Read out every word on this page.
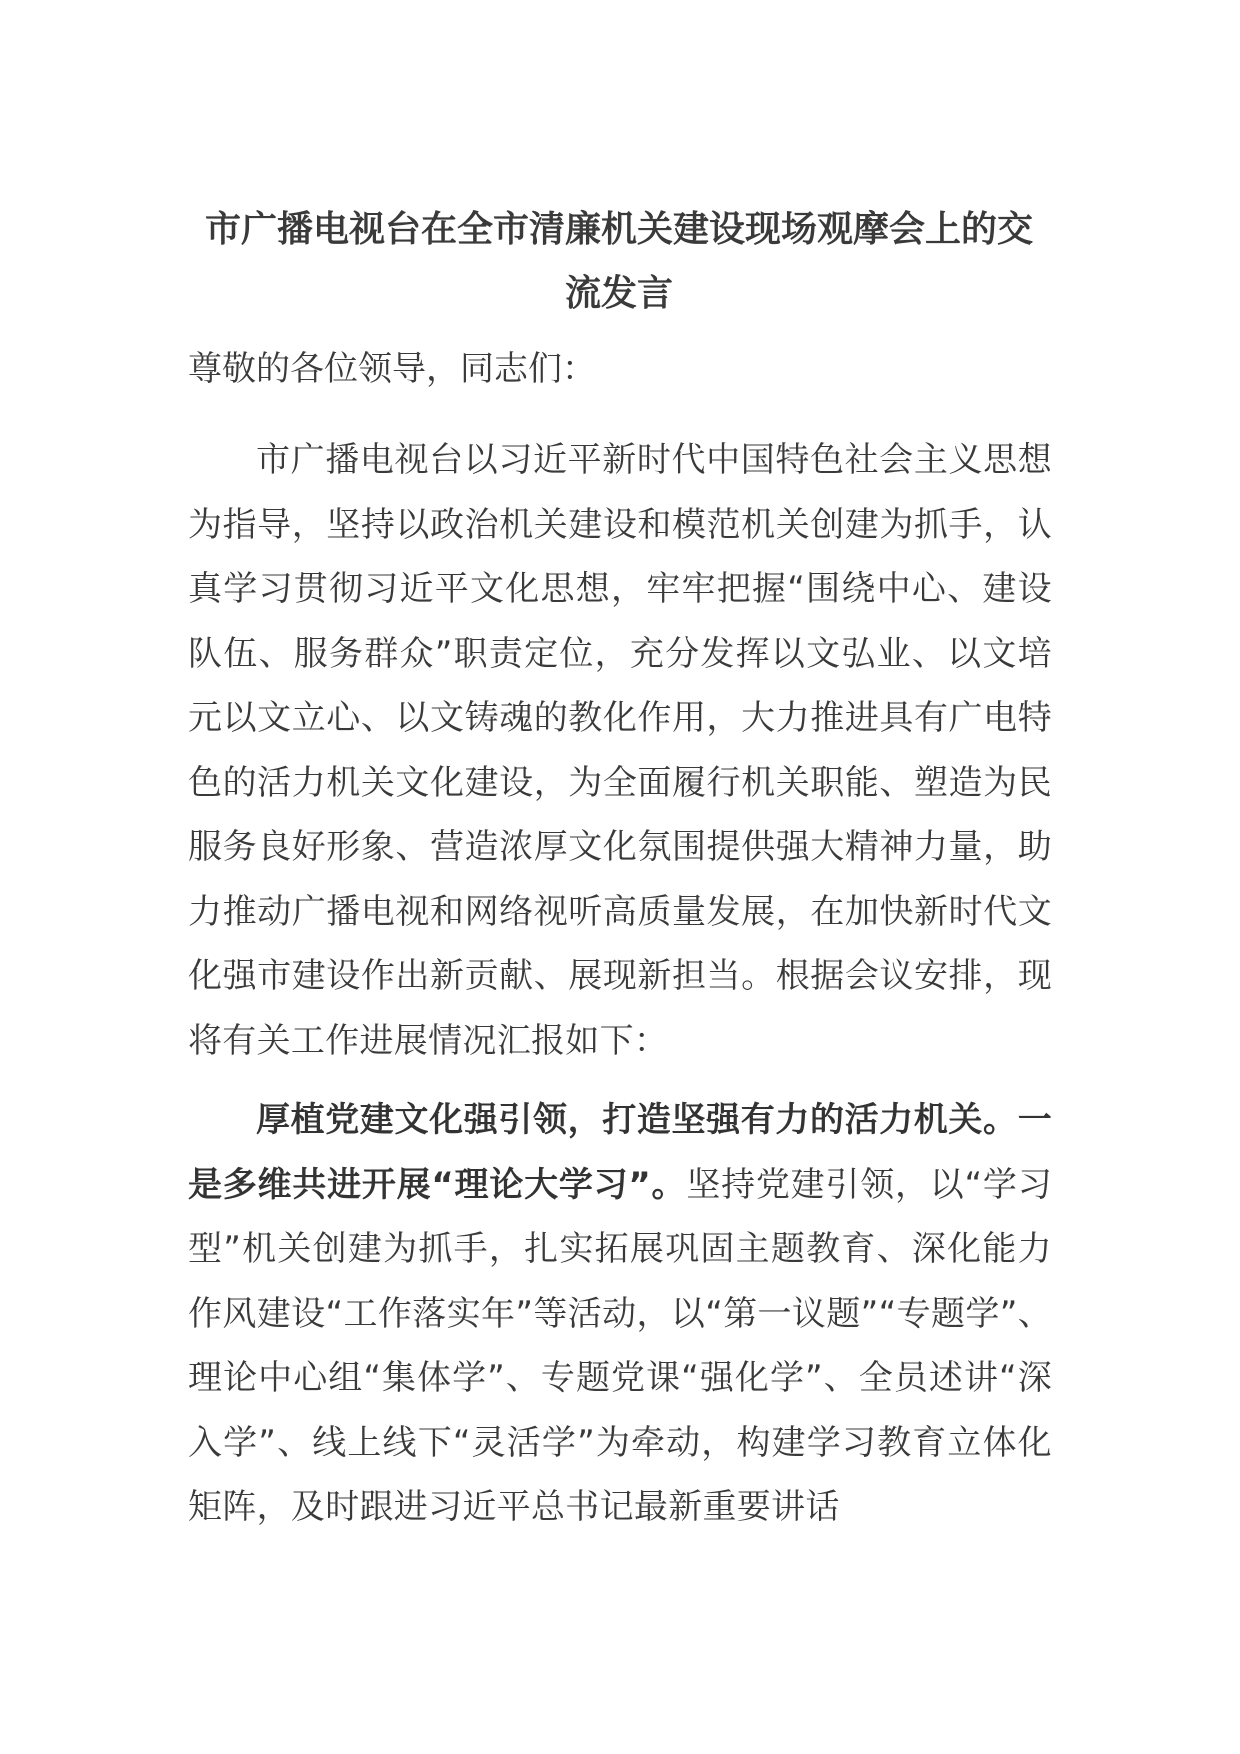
市广播电视台在全市清廉机关建设现场观摩会上的交流发言

尊敬的各位领导，同志们：

市广播电视台以习近平新时代中国特色社会主义思想为指导，坚持以政治机关建设和模范机关创建为抓手，认真学习贯彻习近平文化思想，牢牢把握“围绕中心、建设队伍、服务群众”职责定位，充分发挥以文弘业、以文培元以文立心、以文铸魂的教化作用，大力推进具有广电特色的活力机关文化建设，为全面履行机关职能、塑造为民服务良好形象、营造浓厚文化氛围提供强大精神力量，助力推动广播电视和网络视听高质量发展，在加快新时代文化强市建设作出新贡献、展现新担当。根据会议安排，现将有关工作进展情况汇报如下：

厚植党建文化强引领，打造坚强有力的活力机关。一是多维共进开展“理论大学习”。坚持党建引领，以“学习型”机关创建为抓手，扎实拓展巩固主题教育、深化能力作风建设“工作落实年”等活动，以“第一议题”“专题学”、理论中心组“集体学”、专题党课“强化学”、全员述讲“深入学”、线上线下“灵活学”为牵动，构建学习教育立体化矩阵，及时跟进习近平总书记最新重要讲话
